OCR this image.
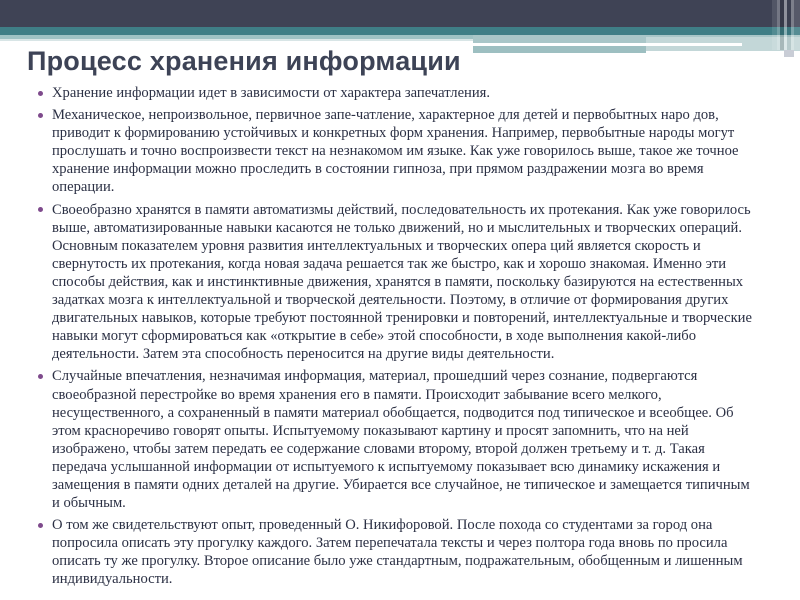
Процесс хранения информации
Хранение информации идет в зависимости от характера запечатления.
Механическое, непроизвольное, первичное запе-чатление, характерное для детей и первобытных наро дов, приводит к формированию устойчивых и конкретных форм хранения. Например, первобытные народы могут прослушать и точно воспроизвести текст на незнакомом им языке. Как уже говорилось выше, такое же точное хранение информации можно проследить в состоянии гипноза, при прямом раздражении мозга во время операции.
Своеобразно хранятся в памяти автоматизмы действий, последовательность их протекания. Как уже говорилось выше, автоматизированные навыки касаются не только движений, но и мыслительных и творческих операций. Основным показателем уровня развития интеллектуальных и творческих опера ций является скорость и свернутость их протекания, когда новая задача решается так же быстро, как и хорошо знакомая. Именно эти способы действия, как и инстинктивные движения, хранятся в памяти, поскольку базируются на естественных задатках мозга к интеллектуальной и творческой деятельности. Поэтому, в отличие от формирования других двигательных навыков, которые требуют постоянной тренировки и повторений, интеллектуальные и творческие навыки могут сформироваться как «открытие в себе» этой способности, в ходе выполнения какой-либо деятельности. Затем эта способность переносится на другие виды деятельности.
Случайные впечатления, незначимая информация, материал, прошедший через сознание, подвергаются своеобразной перестройке во время хранения его в памяти. Происходит забывание всего мелкого, несущественного, а сохраненный в памяти материал обобщается, подводится под типическое и всеобщее. Об этом красноречиво говорят опыты. Испытуемому показывают картину и просят запомнить, что на ней изображено, чтобы затем передать ее содержание словами второму, второй должен третьему и т. д. Такая передача услышанной информации от испытуемого к испытуемому показывает всю динамику искажения и замещения в памяти одних деталей на другие. Убирается все случайное, не типическое и замещается типичным и обычным.
О том же свидетельствуют опыт, проведенный О. Никифоровой. После похода со студентами за город она попросила описать эту прогулку каждого. Затем перепечатала тексты и через полтора года вновь по просила описать ту же прогулку. Второе описание было уже стандартным, подражательным, обобщенным и лишенным индивидуальности.
